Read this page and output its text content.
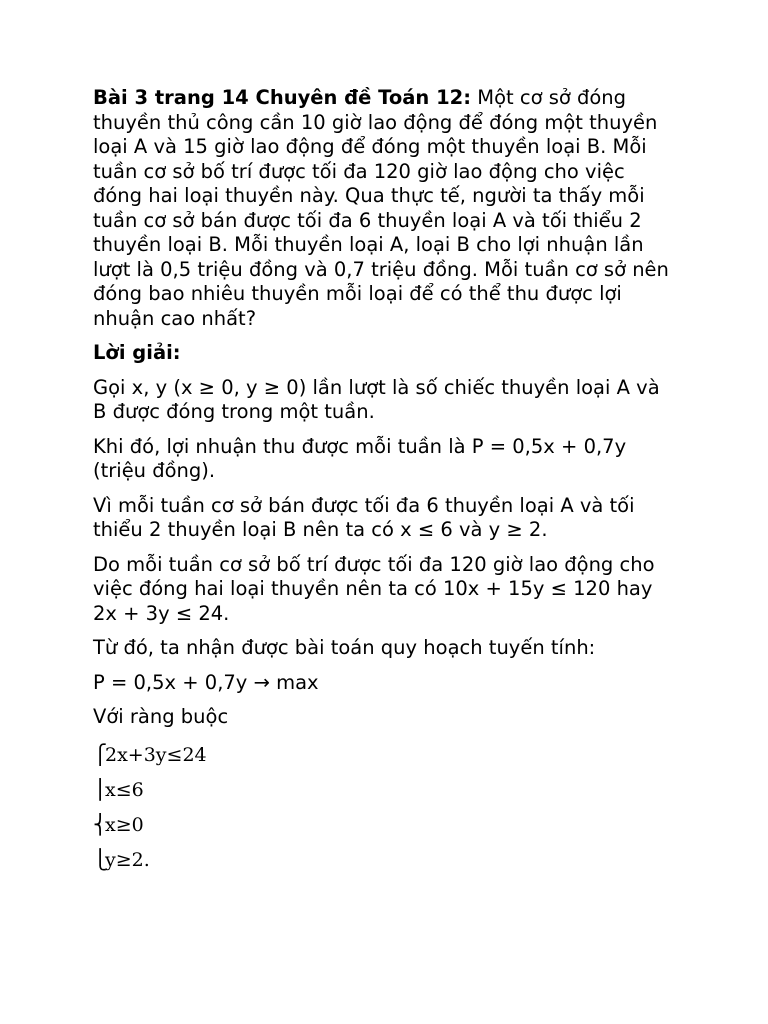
Bài 3 trang 14 Chuyên đề Toán 12: Một cơ sở đóng thuyền thủ công cần 10 giờ lao động để đóng một thuyền loại A và 15 giờ lao động để đóng một thuyền loại B. Mỗi tuần cơ sở bố trí được tối đa 120 giờ lao động cho việc đóng hai loại thuyền này. Qua thực tế, người ta thấy mỗi tuần cơ sở bán được tối đa 6 thuyền loại A và tối thiểu 2 thuyền loại B. Mỗi thuyền loại A, loại B cho lợi nhuận lần lượt là 0,5 triệu đồng và 0,7 triệu đồng. Mỗi tuần cơ sở nên đóng bao nhiêu thuyền mỗi loại để có thể thu được lợi nhuận cao nhất?

Lời giải:

Gọi x, y (x ≥ 0, y ≥ 0) lần lượt là số chiếc thuyền loại A và B được đóng trong một tuần.

Khi đó, lợi nhuận thu được mỗi tuần là P = 0,5x + 0,7y (triệu đồng).

Vì mỗi tuần cơ sở bán được tối đa 6 thuyền loại A và tối thiểu 2 thuyền loại B nên ta có x ≤ 6 và y ≥ 2.

Do mỗi tuần cơ sở bố trí được tối đa 120 giờ lao động cho việc đóng hai loại thuyền nên ta có 10x + 15y ≤ 120 hay 2x + 3y ≤ 24.

Từ đó, ta nhận được bài toán quy hoạch tuyến tính:

P = 0,5x + 0,7y → max

Với ràng buộc

⎧2x+3y≤24
⎪x≤6
⎨x≥0
⎩y≥2.
